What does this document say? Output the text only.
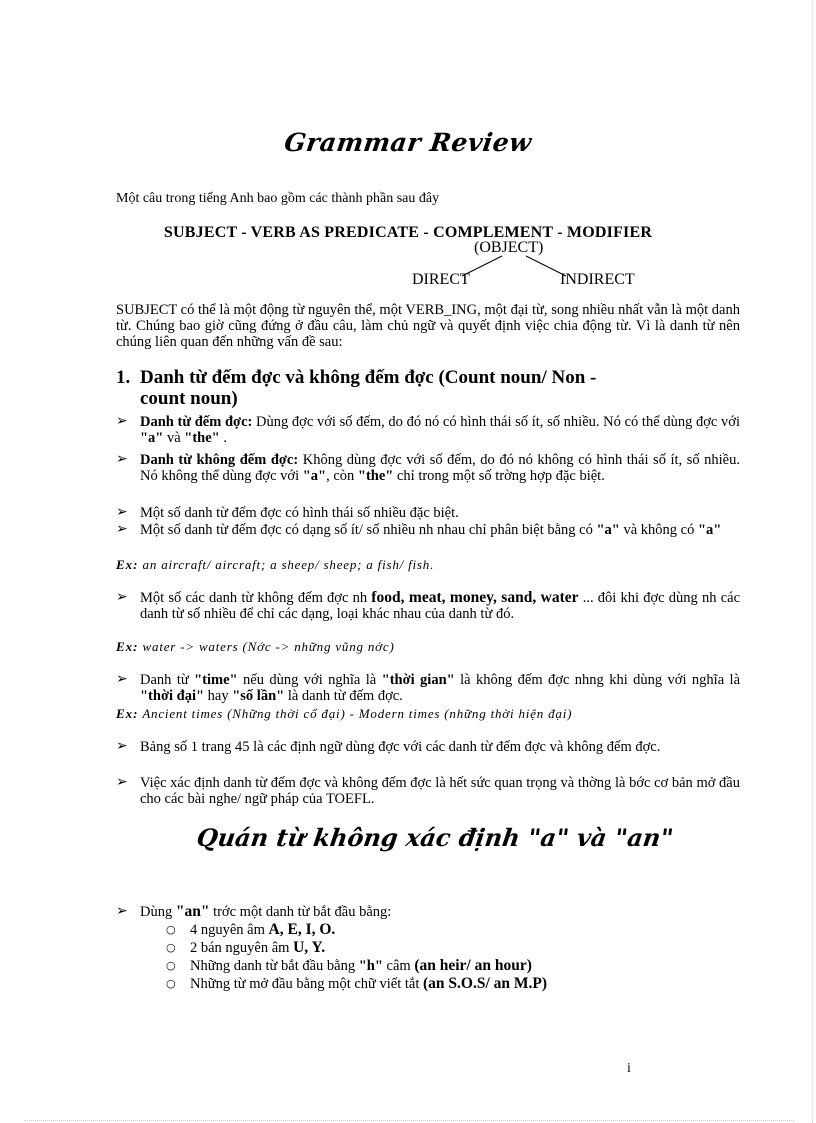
Grammar Review
Một câu trong tiếng Anh bao gồm các thành phần sau đây
SUBJECT - VERB AS PREDICATE - COMPLEMENT - MODIFIER
(OBJECT)
DIRECT	INDIRECT
SUBJECT có thể là một động từ nguyên thể, một VERB_ING, một đại từ, song nhiều nhất vẫn là một danh từ. Chúng bao giờ cũng đứng ở đầu câu, làm chủ ngữ và quyết định việc chia động từ. Vì là danh từ nên chúng liên quan đến những vấn đề sau:
1. Danh từ đếm đợc và không đếm đợc (Count noun/ Non -
count noun)
➢ Danh từ đếm đợc: Dùng đợc với số đếm, do đó nó có hình thái số ít, số nhiều. Nó có thể dùng đợc với "a" và "the" .
➢ Danh từ không đếm đợc: Không dùng đợc với số đếm, do đó nó không có hình thái số ít, số nhiều. Nó không thể dùng đợc với "a", còn "the" chỉ trong một số trờng hợp đặc biệt.
➢ Một số danh từ đếm đợc có hình thái số nhiều đặc biệt.
➢ Một số danh từ đếm đợc có dạng số ít/ số nhiều nh nhau chỉ phân biệt bằng có "a" và không có "a"
Ex: an aircraft/ aircraft; a sheep/ sheep; a fish/ fish.
➢ Một số các danh từ không đếm đợc nh food, meat, money, sand, water ... đôi khi đợc dùng nh các danh từ số nhiều để chỉ các dạng, loại khác nhau của danh từ đó.
Ex: water -> waters (Nớc -> những vũng nớc)
➢ Danh từ "time" nếu dùng với nghĩa là "thời gian" là không đếm đợc nhng khi dùng với nghĩa là "thời đại" hay "số lần" là danh từ đếm đợc.
Ex: Ancient times (Những thời cổ đại) - Modern times (những thời hiện đại)
➢ Bảng số 1 trang 45 là các định ngữ dùng đợc với các danh từ đếm đợc và không đếm đợc.
➢ Việc xác định danh từ đếm đợc và không đếm đợc là hết sức quan trọng và thờng là bớc cơ bản mở đầu cho các bài nghe/ ngữ pháp của TOEFL.
Quán từ không xác định "a" và "an"
➢ Dùng "an" trớc một danh từ bắt đầu bằng:
○ 4 nguyên âm A, E, I, O.
○ 2 bán nguyên âm U, Y.
○ Những danh từ bắt đầu bằng "h" câm (an heir/ an hour)
○ Những từ mở đầu bằng một chữ viết tắt (an S.O.S/ an M.P)
i
